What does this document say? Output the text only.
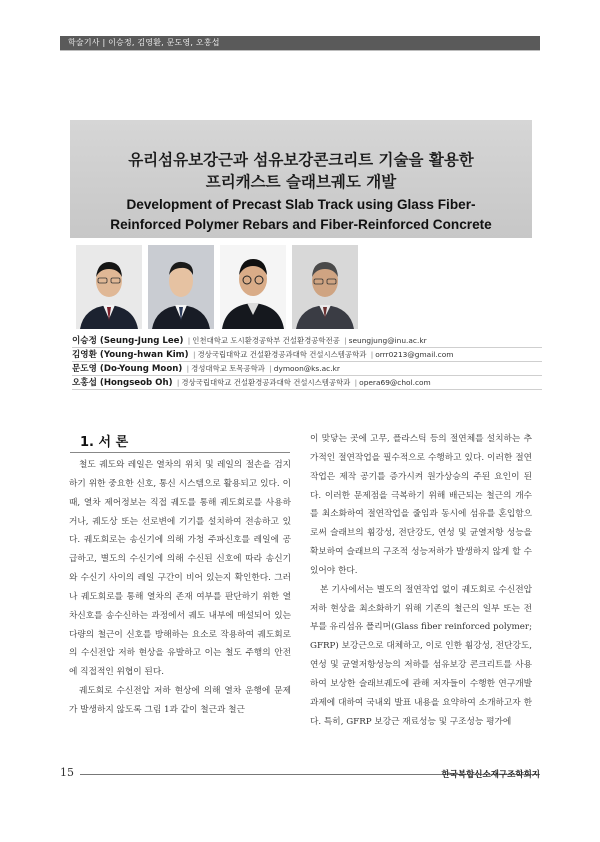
학술기사 | 이승정, 김영환, 문도영, 오홍섭
유리섬유보강근과 섬유보강콘크리트 기술을 활용한
프리캐스트 슬래브궤도 개발
Development of Precast Slab Track using Glass Fiber-
Reinforced Polymer Rebars and Fiber-Reinforced Concrete
이승정 (Seung-Jung Lee) | 인천대학교 도시환경공학부 건설환경공학전공 | seungjung@inu.ac.kr
김영환 (Young-hwan Kim) | 경상국립대학교 건설환경공과대학 건설시스템공학과 | orrr0213@gmail.com
문도영 (Do-Young Moon) | 경성대학교 토목공학과 | dymoon@ks.ac.kr
오홍섭 (Hongseob Oh) | 경상국립대학교 건설환경공과대학 건설시스템공학과 | opera69@chol.com
1. 서 론

철도 궤도와 레일은 열차의 위치 및 레일의 절손을 검지하기 위한 중요한 신호, 통신 시스템으로 활용되고 있다. 이때, 열차 제어정보는 직접 궤도를 통해 궤도회로를 사용하거나, 궤도상 또는 선로변에 기기를 설치하여 전송하고 있다. 궤도회로는 송신기에 의해 가청 주파신호를 레일에 공급하고, 별도의 수신기에 의해 수신된 신호에 따라 송신기와 수신기 사이의 레일 구간이 비어 있는지 확인한다. 그러나 궤도회로를 통해 열차의 존재 여부를 판단하기 위한 열차신호를 송수신하는 과정에서 궤도 내부에 매설되어 있는 다량의 철근이 신호를 방해하는 요소로 작용하여 궤도회로의 수신전압 저하 현상을 유발하고 이는 철도 주행의 안전에 직접적인 위협이 된다.

궤도회로 수신전압 저하 현상에 의해 열차 운행에 문제가 발생하지 않도록 그림 1과 같이 철근과 철근

이 맞닿는 곳에 고무, 플라스틱 등의 절연체를 설치하는 추가적인 절연작업을 필수적으로 수행하고 있다. 이러한 절연작업은 제작 공기를 증가시켜 원가상승의 주된 요인이 된다. 이러한 문제점을 극복하기 위해 배근되는 철근의 개수를 최소화하여 절연작업을 줄임과 동시에 섬유를 혼입함으로써 슬래브의 휨강성, 전단강도, 연성 및 균열저항 성능을 확보하여 슬래브의 구조적 성능저하가 발생하지 않게 할 수 있어야 한다.

본 기사에서는 별도의 절연작업 없이 궤도회로 수신전압 저하 현상을 최소화하기 위해 기존의 철근의 일부 또는 전부를 유리섬유 폴리머(Glass fiber reinforced polymer; GFRP) 보강근으로 대체하고, 이로 인한 휨강성, 전단강도, 연성 및 균열저항성능의 저하를 섬유보강 콘크리트를 사용하여 보상한 슬래브궤도에 관해 저자들이 수행한 연구개발 과제에 대하여 국내외 발표 내용을 요약하여 소개하고자 한다. 특히, GFRP 보강근 재료성능 및 구조성능 평가에

15	한국복합신소재구조학회지
